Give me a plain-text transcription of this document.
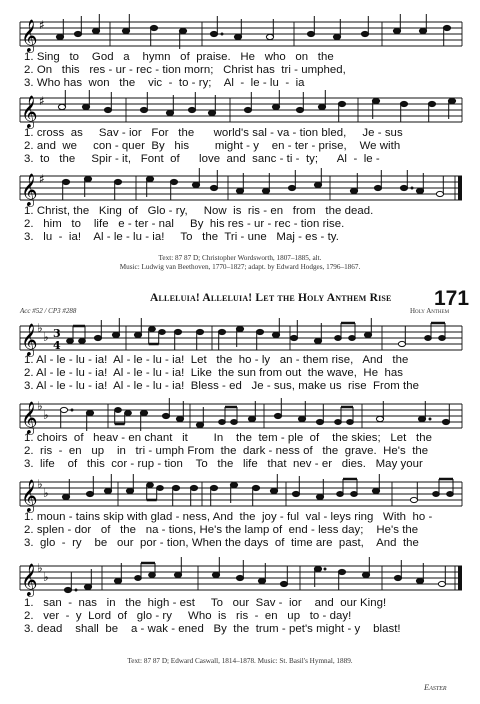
𝄞 ♯
1. Sing   to    God   a    hymn   of  praise.   He   who   on   the
2. On   this   res - ur - rec - tion morn;   Christ has  tri - umphed,
3. Who has  won   the    vic  -  to - ry;    Al  -  le - lu  -  ia
𝄞 ♯
1. cross  as     Sav - ior   For   the      world's sal - va - tion bled,     Je - sus
2. and  we     con - quer  By   his        might - y    en - ter - prise,    We with
3.  to   the     Spir - it,   Font  of      love  and  sanc - ti -  ty;      Al  -  le -
𝄞 ♯
1. Christ, the   King  of   Glo - ry,     Now  is  ris - en   from   the dead.
2.   him   to    life   e - ter - nal     By  his res - ur - rec - tion rise.
3.   lu  -  ia!    Al - le - lu - ia!     To   the  Tri - une   Maj - es - ty.
Text: 87 87 D; Christopher Wordsworth, 1807–1885, alt.
Music: Ludwig van Beethoven, 1770–1827; adapt. by Edward Hodges, 1796–1867.
Alleluia! Alleluia! Let the Holy Anthem Rise 171
Acc #52 / CP3 #288	Holy Anthem
𝄞 ♭
♭ 3
4
1. Al - le - lu - ia!  Al - le - lu - ia!  Let   the  ho - ly   an - them rise,   And   the
2. Al - le - lu - ia!  Al - le - lu - ia!  Like  the sun from out  the wave,  He  has
3. Al - le - lu - ia!  Al - le - lu - ia!  Bless - ed   Je - sus, make us  rise  From the
𝄞 ♭
♭
1. choirs  of   heav - en chant   it        In    the  tem - ple  of    the skies;   Let   the
2.  ris  -  en   up    in   tri - umph From  the  dark - ness of   the  grave.  He's  the
3.  life    of   this  cor - rup - tion    To   the   life   that  nev - er   dies.   May your
𝄞 ♭
♭
1. moun - tains skip with glad - ness, And  the  joy - ful  val - leys ring   With  ho -
2. splen - dor   of   the   na - tions, He's the lamp of  end - less day;    He's the
3.  glo  -  ry    be   our  por - tion, When the days  of  time are  past,    And  the
𝄞 ♭
♭
1.   san  -  nas   in   the  high - est     To   our  Sav -  ior    and  our King!
2.   ver  -  y  Lord  of   glo - ry     Who  is   ris  -  en   up   to - day!
3. dead    shall  be    a - wak - ened   By  the  trum - pet's might - y    blast!
Text: 87 87 D; Edward Caswall, 1814–1878. Music: St. Basil's Hymnal, 1889.
Easter
